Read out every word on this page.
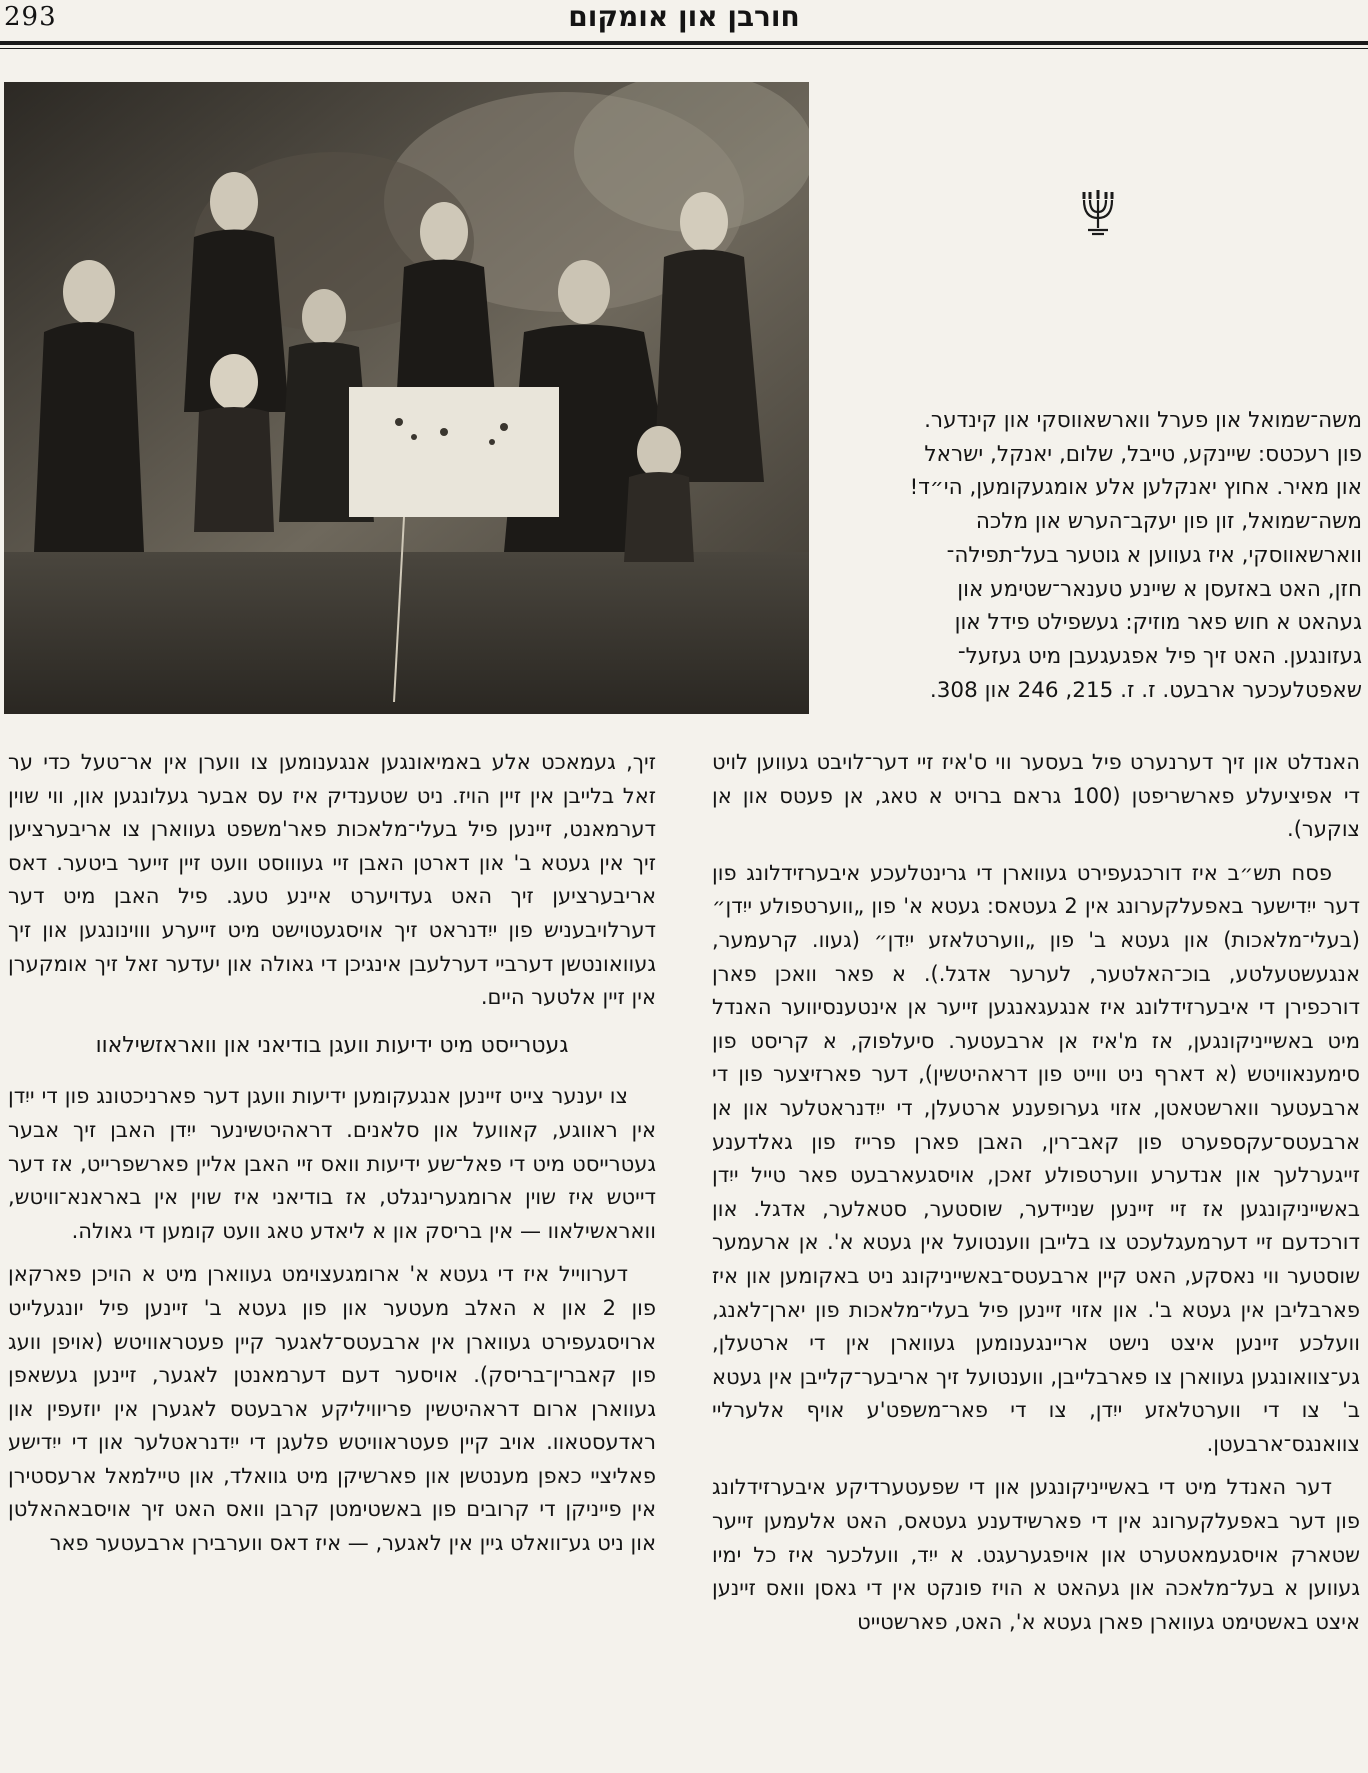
293	חורבן און אומקום

משה־שמואל און פערל ווארשאווסקי און קינדער.

פון רעכטס: שיינקע, טייבל, שלום, יאנקל, ישראל

און מאיר. אחוץ יאנקלען אלע אומגעקומען, הי״ד!

משה־שמואל, זון פון יעקב־הערש און מלכה

ווארשאווסקי, איז געווען א גוטער בעל־תפילה־

חזן, האט באזעסן א שיינע טענאר־שטימע און

געהאט א חוש פאר מוזיק: געשפילט פידל און

געזונגען. האט זיך פיל אפגעגעבן מיט געזעל־

שאפטלעכער ארבעט. ז. ז. 215, 246 און 308.

האנדלט און זיך דערנערט פיל בעסער ווי ס'איז זיי דער־לויבט געווען לויט די אפיציעלע פארשריפטן (100 גראם ברויט א טאג, אן פעטס און אן צוקער).

פסח תש״ב איז דורכגעפירט געווארן די גרינטלעכע איבערזידלונג פון דער ייִדישער באפעלקערונג אין 2 געטאס: געטא א' פון „ווערטפולע ייִדן״ (בעלי־מלאכות) און געטא ב' פון „ווערטלאזע ייִדן״ (געוו. קרעמער, אנגעשטעלטע, בוכ־האלטער, לערער אדגל.). א פאר וואכן פארן דורכפירן די איבערזידלונג איז אנגעגאנגען זייער אן אינטענסיווער האנדל מיט באשייניקונגען, אז מ'איז אן ארבעטער. סיעלפוק, א קריסט פון סימענאוויטש (א דארף ניט ווייט פון דראהיטשין), דער פארזיצער פון די ארבעטער ווארשטאטן, אזוי גערופענע ארטעלן, די ייִדנראטלער און אן ארבעטס־עקספערט פון קאב־רין, האבן פארן פרייז פון גאלדענע זייגערלעך און אנדערע ווערטפולע זאכן, אויסגעארבעט פאר טייל ייִדן באשייניקונגען אז זיי זיינען שניידער, שוסטער, סטאלער, אדגל. און דורכדעם זיי דערמעגלעכט צו בלייבן ווענטועל אין געטא א'. אן ארעמער שוסטער ווי נאסקע, האט קיין ארבעטס־באשייניקונג ניט באקומען און איז פארבליבן אין געטא ב'. און אזוי זיינען פיל בעלי־מלאכות פון יארן־לאנג, וועלכע זיינען איצט נישט אריינגענומען געווארן אין די ארטעלן, גע־צוואונגען געווארן צו פארבלייבן, ווענטועל זיך אריבער־קלייבן אין געטא ב' צו די ווערטלאזע ייִדן, צו די פאר־משפט'ע אויף אלערליי צוואנגס־ארבעטן.

דער האנדל מיט די באשייניקונגען און די שפעטערדיקע איבערזידלונג פון דער באפעלקערונג אין די פארשידענע געטאס, האט אלעמען זייער שטארק אויסגעמאטערט און אויפגערעגט. א ייִד, וועלכער איז כל ימיו געווען א בעל־מלאכה און געהאט א הויז פונקט אין די גאסן וואס זיינען איצט באשטימט געווארן פארן געטא א', האט, פארשטייט

זיך, געמאכט אלע באמיאונגען אנגענומען צו ווערן אין אר־טעל כדי ער זאל בלייבן אין זיין הויז. ניט שטענדיק איז עס אבער געלונגען און, ווי שוין דערמאנט, זיינען פיל בעלי־מלאכות פאר'משפט געווארן צו אריבערציען זיך אין געטא ב' און דארטן האבן זיי געוווסט וועט זיין זייער ביטער. דאס אריבערציען זיך האט געדויערט איינע טעג. פיל האבן מיט דער דערלויבעניש פון ייִדנראט זיך אויסגעטוישט מיט זייערע וווינונגען און זיך געוואונטשן דערביי דערלעבן אינגיכן די גאולה און יעדער זאל זיך אומקערן אין זיין אלטער היים.

געטרייסט מיט ידיעות וועגן בודיאני און וואראזשילאוו

צו יענער צייט זיינען אנגעקומען ידיעות וועגן דער פארניכטונג פון די ייִדן אין ראווגע, קאוועל און סלאנים. דראהיטשינער ייִדן האבן זיך אבער געטרייסט מיט די פאל־שע ידיעות וואס זיי האבן אליין פארשפרייט, אז דער דייטש איז שוין ארומגערינגלט, אז בודיאני איז שוין אין באראנא־וויטש, וואראשילאוו — אין בריסק און א ליאדע טאג וועט קומען די גאולה.

דערווייל איז די געטא א' ארומגעצוימט געווארן מיט א הויכן פארקאן פון 2 און א האלב מעטער און פון געטא ב' זיינען פיל יונגעלייט ארויסגעפירט געווארן אין ארבעטס־לאגער קיין פעטראוויטש (אויפן וועג פון קאברין־בריסק). אויסער דעם דערמאנטן לאגער, זיינען געשאפן געווארן ארום דראהיטשין פריוויליקע ארבעטס לאגערן אין יוזעפין און ראדעסטאוו. אויב קיין פעטראוויטש פלעגן די ייִדנראטלער און די ייִדישע פאליציי כאפן מענטשן און פארשיקן מיט גוואלד, און טיילמאל ארעסטירן אין פייניקן די קרובים פון באשטימטן קרבן וואס האט זיך אויסבאהאלטן און ניט גע־וואלט גיין אין לאגער, — איז דאס ווערבירן ארבעטער פאר
